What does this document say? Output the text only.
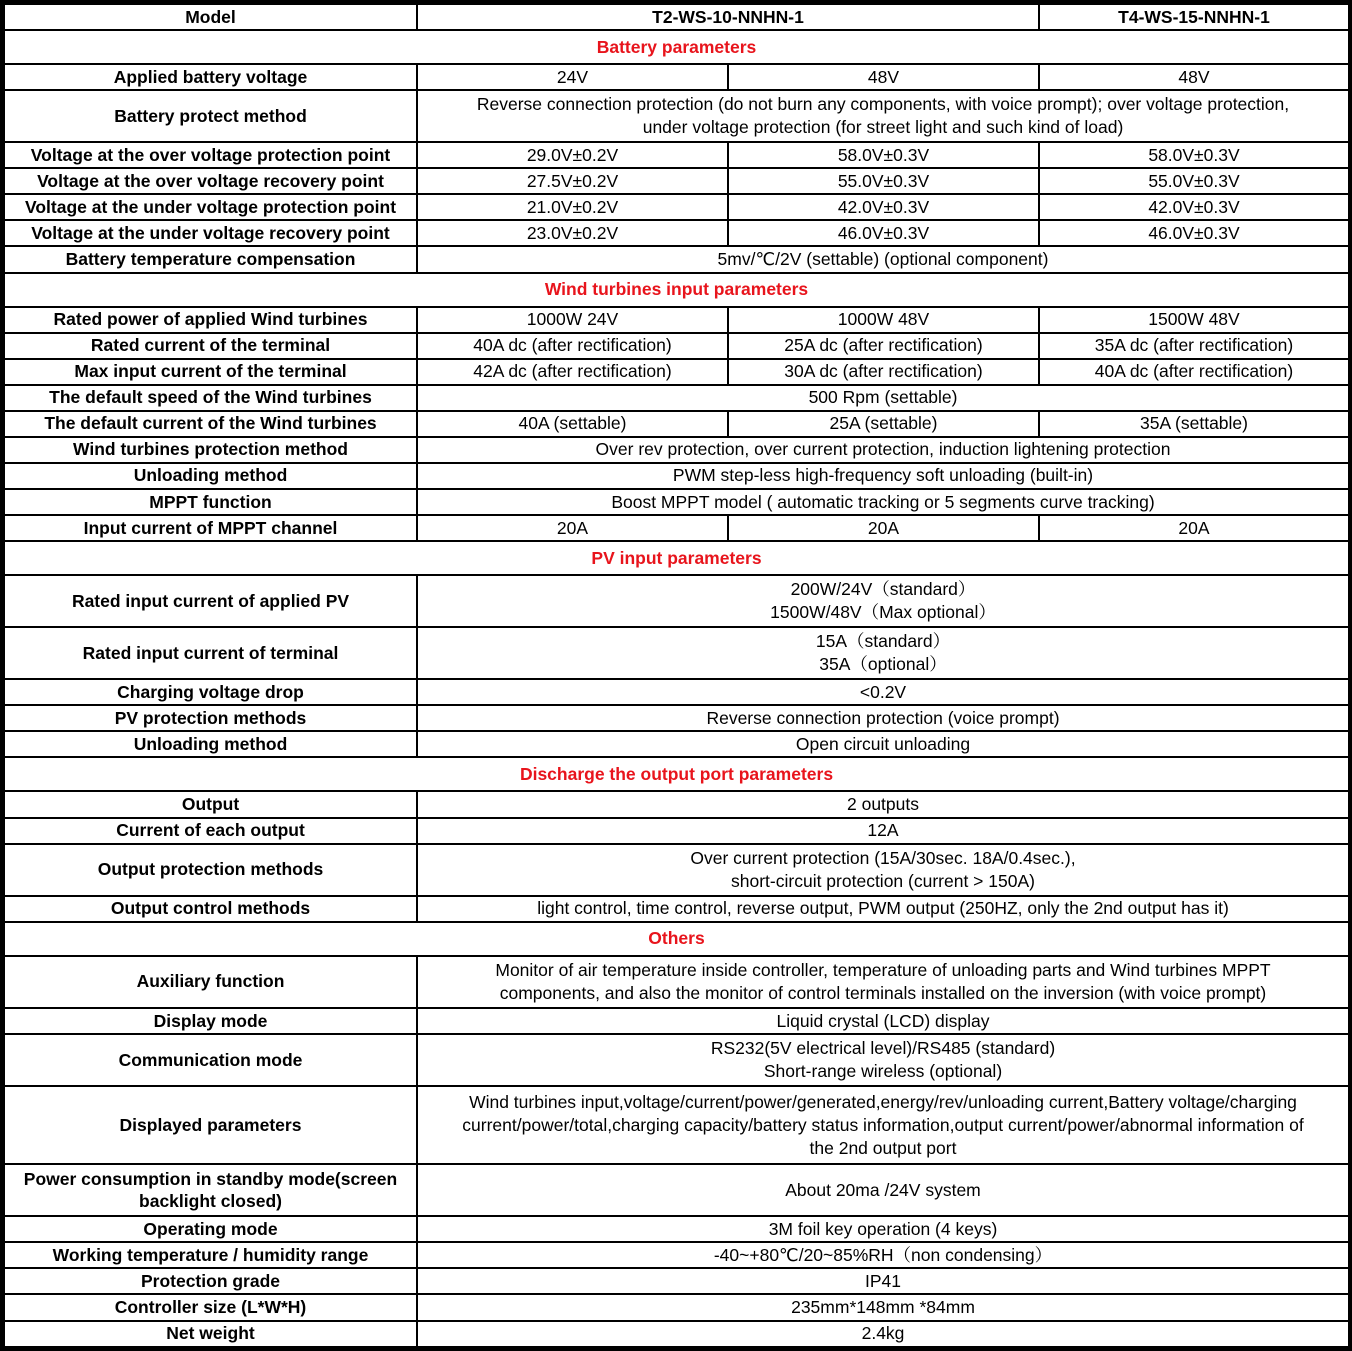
Model	T2-WS-10-NNHN-1		T4-WS-15-NNHN-1
Battery parameters			
Applied battery voltage	24V	48V	48V
Battery protect method	Reverse connection protection (do not burn any components, with voice prompt); over voltage protection,
under voltage protection (for street light and such kind of load)		
Voltage at the over voltage protection point	29.0V±0.2V	58.0V±0.3V	58.0V±0.3V
Voltage at the over voltage recovery point	27.5V±0.2V	55.0V±0.3V	55.0V±0.3V
Voltage at the under voltage protection point	21.0V±0.2V	42.0V±0.3V	42.0V±0.3V
Voltage at the under voltage recovery point	23.0V±0.2V	46.0V±0.3V	46.0V±0.3V
Battery temperature compensation	5mv/℃/2V (settable) (optional component)		
Wind turbines input parameters			
Rated power of applied Wind turbines	1000W 24V	1000W 48V	1500W 48V
Rated current of the terminal	40A dc (after rectification)	25A dc (after rectification)	35A dc (after rectification)
Max input current of the terminal	42A dc (after rectification)	30A dc (after rectification)	40A dc (after rectification)
The default speed of the Wind turbines	500 Rpm (settable)		
The default current of the Wind turbines	40A (settable)	25A (settable)	35A (settable)
Wind turbines protection method	Over rev protection, over current protection, induction lightening protection		
Unloading method	PWM step-less high-frequency soft unloading (built-in)		
MPPT function	Boost MPPT model ( automatic tracking or 5 segments curve tracking)		
Input current of MPPT channel	20A	20A	20A
PV input parameters			
Rated input current of applied PV	200W/24V（standard）
1500W/48V（Max optional）		
Rated input current of terminal	15A（standard）
35A（optional）		
Charging voltage drop	<0.2V		
PV protection methods	Reverse connection protection (voice prompt)		
Unloading method	Open circuit unloading		
Discharge the output port parameters			
Output	2 outputs		
Current of each output	12A		
Output protection methods	Over current protection (15A/30sec. 18A/0.4sec.),
short-circuit protection (current > 150A)		
Output control methods	light control, time control, reverse output, PWM output (250HZ, only the 2nd output has it)		
Others			
Auxiliary function	Monitor of air temperature inside controller, temperature of unloading parts and Wind turbines MPPT
components, and also the monitor of control terminals installed on the inversion (with voice prompt)		
Display mode	Liquid crystal (LCD) display		
Communication mode	RS232(5V electrical level)/RS485 (standard)
Short-range wireless (optional)		
Displayed parameters	Wind turbines input,voltage/current/power/generated,energy/rev/unloading current,Battery voltage/charging
current/power/total,charging capacity/battery status information,output current/power/abnormal information of
the 2nd output port		
Power consumption in standby mode(screen
backlight closed)	About 20ma /24V system		
Operating mode	3M foil key operation (4 keys)		
Working temperature / humidity range	-40~+80℃/20~85%RH（non condensing）		
Protection grade	IP41		
Controller size (L*W*H)	235mm*148mm *84mm		
Net weight	2.4kg		
